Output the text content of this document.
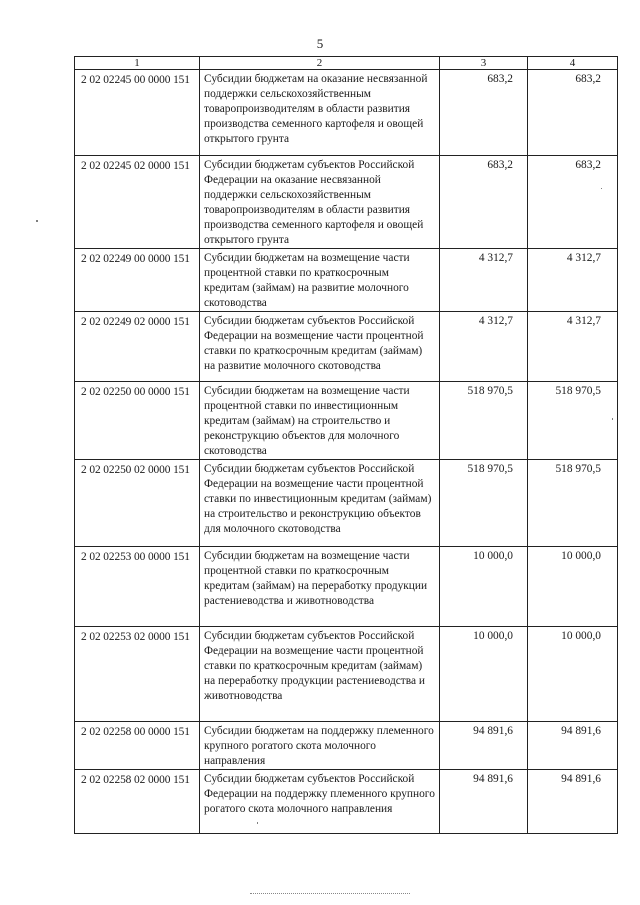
5
1	2	3	4
2 02 02245 00 0000 151	Субсидии бюджетам на оказание несвязанной поддержки сельскохозяйственным товаропроизводителям в области развития производства семенного картофеля и овощей открытого грунта	683,2	683,2
2 02 02245 02 0000 151	Субсидии бюджетам субъектов Российской Федерации на оказание несвязанной поддержки сельскохозяйственным товаропроизводителям в области развития производства семенного картофеля и овощей открытого грунта	683,2	683,2
2 02 02249 00 0000 151	Субсидии бюджетам на возмещение части процентной ставки по краткосрочным кредитам (займам) на развитие молочного скотоводства	4 312,7	4 312,7
2 02 02249 02 0000 151	Субсидии бюджетам субъектов Российской Федерации на возмещение части процентной ставки по краткосрочным кредитам (займам) на развитие молочного скотоводства	4 312,7	4 312,7
2 02 02250 00 0000 151	Субсидии бюджетам на возмещение части процентной ставки по инвестиционным кредитам (займам) на строительство и реконструкцию объектов для молочного скотоводства	518 970,5	518 970,5
2 02 02250 02 0000 151	Субсидии бюджетам субъектов Российской Федерации на возмещение части процентной ставки по инвестиционным кредитам (займам) на строительство и реконструкцию объектов для молочного скотоводства	518 970,5	518 970,5
2 02 02253 00 0000 151	Субсидии бюджетам на возмещение части процентной ставки по краткосрочным кредитам (займам) на переработку продукции растениеводства и животноводства	10 000,0	10 000,0
2 02 02253 02 0000 151	Субсидии бюджетам субъектов Российской Федерации на возмещение части процентной ставки по краткосрочным кредитам (займам) на переработку продукции растениеводства и животноводства	10 000,0	10 000,0
2 02 02258 00 0000 151	Субсидии бюджетам на поддержку племенного крупного рогатого скота молочного направления	94 891,6	94 891,6
2 02 02258 02 0000 151	Субсидии бюджетам субъектов Российской Федерации на поддержку племенного крупного рогатого скота молочного направления	94 891,6	94 891,6
